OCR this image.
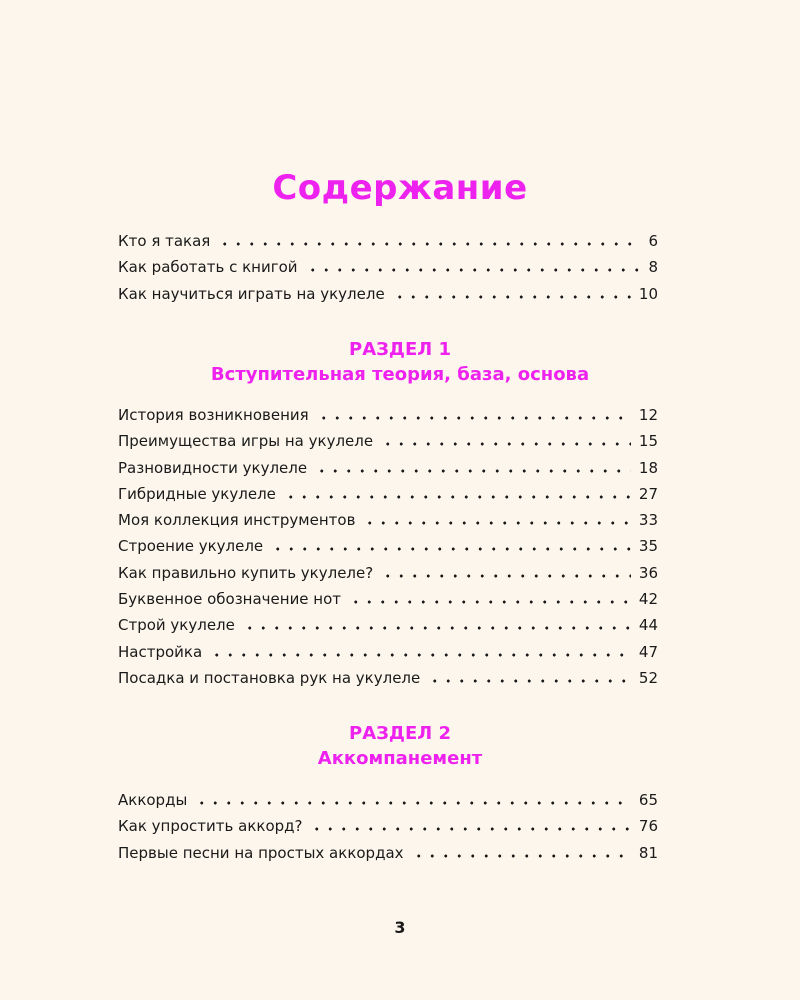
Содержание
Кто я такая	6
Как работать с книгой	8
Как научиться играть на укулеле	10
РАЗДЕЛ 1
Вступительная теория, база, основа
История возникновения	12
Преимущества игры на укулеле	15
Разновидности укулеле	18
Гибридные укулеле	27
Моя коллекция инструментов	33
Строение укулеле	35
Как правильно купить укулеле?	36
Буквенное обозначение нот	42
Строй укулеле	44
Настройка	47
Посадка и постановка рук на укулеле	52
РАЗДЕЛ 2
Аккомпанемент
Аккорды	65
Как упростить аккорд?	76
Первые песни на простых аккордах	81
3
